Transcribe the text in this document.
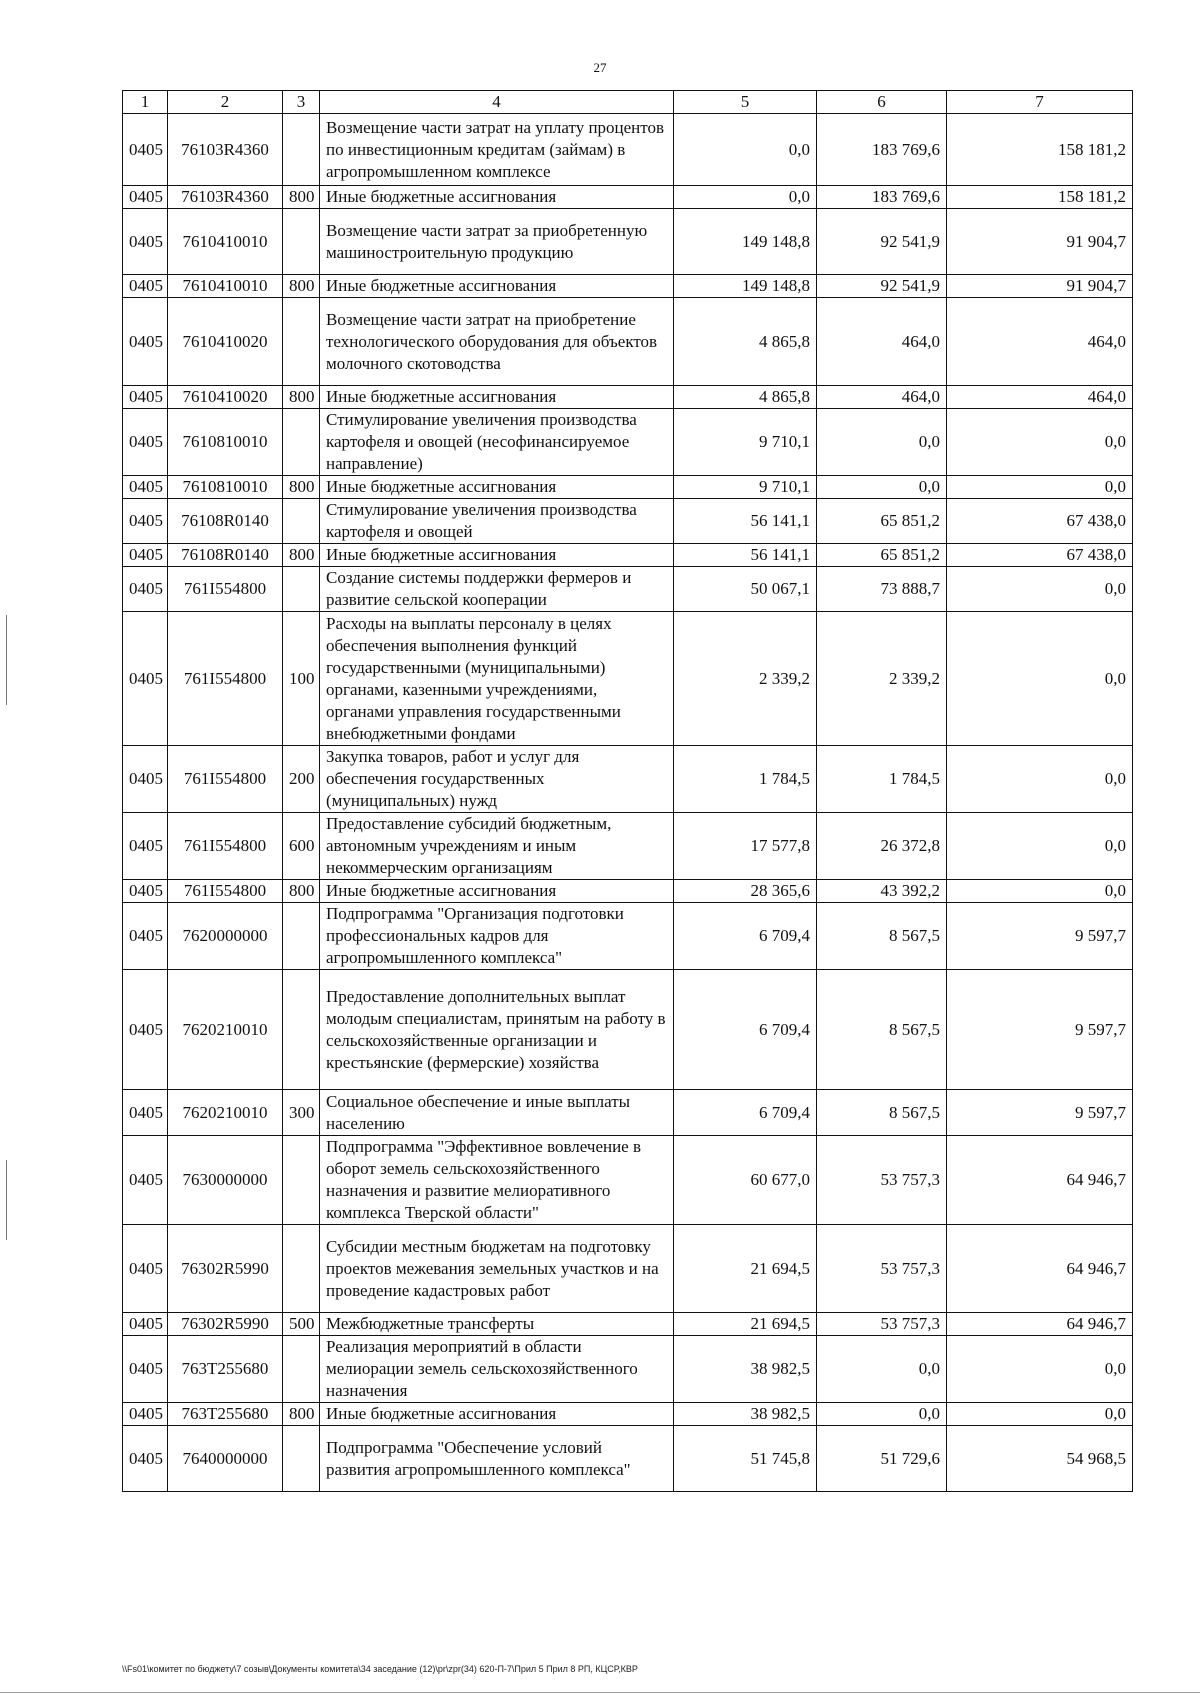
27
1	2	3	4	5	6	7
0405	76103R4360		Возмещение части затрат на уплату процентов по инвестиционным кредитам (займам) в агропромышленном комплексе	0,0	183 769,6	158 181,2
0405	76103R4360	800	Иные бюджетные ассигнования	0,0	183 769,6	158 181,2
0405	7610410010		Возмещение части затрат за приобретенную машиностроительную продукцию	149 148,8	92 541,9	91 904,7
0405	7610410010	800	Иные бюджетные ассигнования	149 148,8	92 541,9	91 904,7
0405	7610410020		Возмещение части затрат на приобретение технологического оборудования для объектов молочного скотоводства	4 865,8	464,0	464,0
0405	7610410020	800	Иные бюджетные ассигнования	4 865,8	464,0	464,0
0405	7610810010		Стимулирование увеличения производства картофеля и овощей (несофинансируемое направление)	9 710,1	0,0	0,0
0405	7610810010	800	Иные бюджетные ассигнования	9 710,1	0,0	0,0
0405	76108R0140		Стимулирование увеличения производства картофеля и овощей	56 141,1	65 851,2	67 438,0
0405	76108R0140	800	Иные бюджетные ассигнования	56 141,1	65 851,2	67 438,0
0405	761I554800		Создание системы поддержки фермеров и развитие сельской кооперации	50 067,1	73 888,7	0,0
0405	761I554800	100	Расходы на выплаты персоналу в целях обеспечения выполнения функций государственными (муниципальными) органами, казенными учреждениями, органами управления государственными внебюджетными фондами	2 339,2	2 339,2	0,0
0405	761I554800	200	Закупка товаров, работ и услуг для обеспечения государственных (муниципальных) нужд	1 784,5	1 784,5	0,0
0405	761I554800	600	Предоставление субсидий бюджетным, автономным учреждениям и иным некоммерческим организациям	17 577,8	26 372,8	0,0
0405	761I554800	800	Иные бюджетные ассигнования	28 365,6	43 392,2	0,0
0405	7620000000		Подпрограмма "Организация подготовки профессиональных кадров для агропромышленного комплекса"	6 709,4	8 567,5	9 597,7
0405	7620210010		Предоставление дополнительных выплат молодым специалистам, принятым на работу в сельскохозяйственные организации и крестьянские (фермерские) хозяйства	6 709,4	8 567,5	9 597,7
0405	7620210010	300	Социальное обеспечение и иные выплаты населению	6 709,4	8 567,5	9 597,7
0405	7630000000		Подпрограмма "Эффективное вовлечение в оборот земель сельскохозяйственного назначения и развитие мелиоративного комплекса Тверской области"	60 677,0	53 757,3	64 946,7
0405	76302R5990		Субсидии местным бюджетам на подготовку проектов межевания земельных участков и на проведение кадастровых работ	21 694,5	53 757,3	64 946,7
0405	76302R5990	500	Межбюджетные трансферты	21 694,5	53 757,3	64 946,7
0405	763T255680		Реализация мероприятий в области мелиорации земель сельскохозяйственного назначения	38 982,5	0,0	0,0
0405	763T255680	800	Иные бюджетные ассигнования	38 982,5	0,0	0,0
0405	7640000000		Подпрограмма "Обеспечение условий развития агропромышленного комплекса"	51 745,8	51 729,6	54 968,5
\\Fs01\комитет по бюджету\7 созыв\Документы комитета\34 заседание (12)\pr\zpr(34) 620-П-7\Прил 5 Прил 8 РП, КЦСР,КВР
